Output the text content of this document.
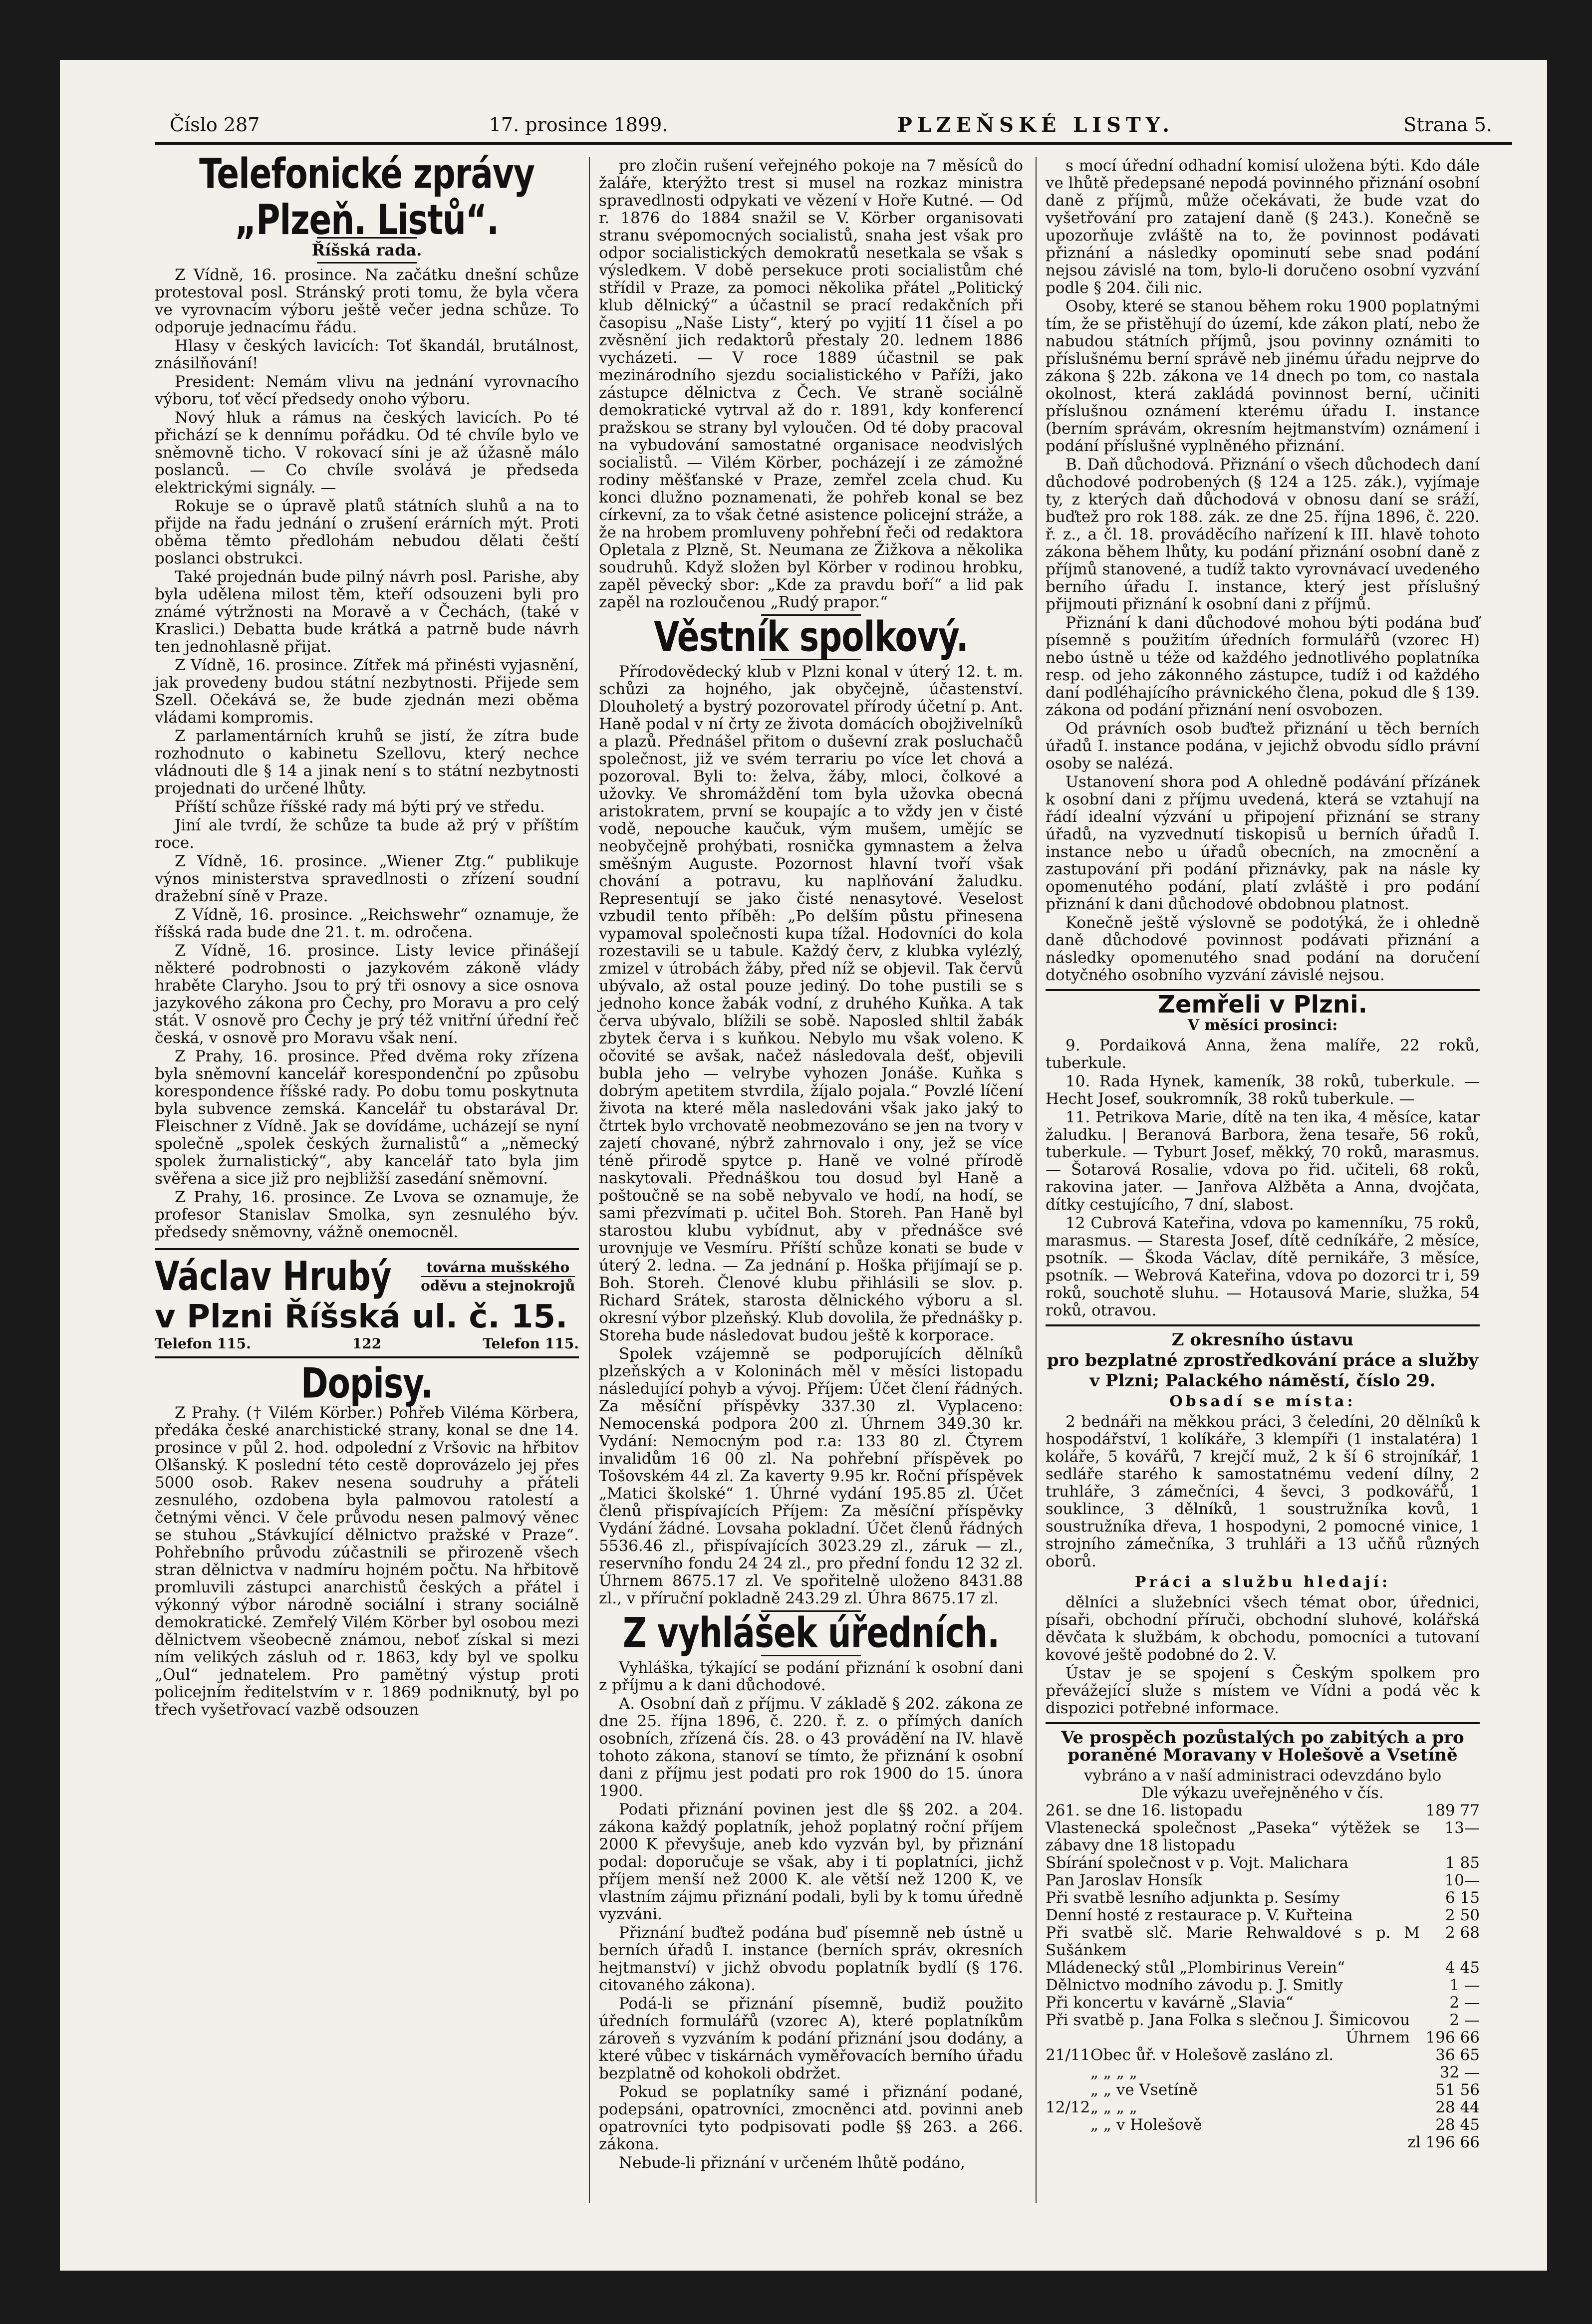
Číslo 287	17. prosince 1899.	PLZEŇSKÉ LISTY.	Strana 5.
Telefonické zprávy „Plzeň. Listů“.
Říšská rada.

Z Vídně, 16. prosince. Na začátku dnešní schůze protestoval posl. Stránský proti tomu, že byla včera ve vyrovnacím výboru ještě večer jedna schůze. To odporuje jednacímu řádu.

Hlasy v českých lavicích: Toť škandál, brutálnost, znásilňování!

President: Nemám vlivu na jednání vyrovnacího výboru, toť věcí předsedy onoho výboru.

Nový hluk a rámus na českých lavicích. Po té přichází se k dennímu pořádku. Od té chvíle bylo ve sněmovně ticho. V rokovací síni je až úžasně málo poslanců. — Co chvíle svolává je předseda elektrickými signály. —

Rokuje se o úpravě platů státních sluhů a na to přijde na řadu jednání o zrušení erárních mýt. Proti oběma těmto předlohám nebudou dělati čeští poslanci obstrukci.

Také projednán bude pilný návrh posl. Parishe, aby byla udělena milost těm, kteří odsouzeni byli pro známé výtržnosti na Moravě a v Čechách, (také v Kraslici.) Debatta bude krátká a patrně bude návrh ten jednohlasně přijat.

Z Vídně, 16. prosince. Zítřek má přinésti vyjasnění, jak provedeny budou státní nezbytnosti. Přijede sem Szell. Očekává se, že bude zjednán mezi oběma vládami kompromis.

Z parlamentárních kruhů se jistí, že zítra bude rozhodnuto o kabinetu Szellovu, který nechce vládnouti dle § 14 a jinak není s to státní nezbytnosti projednati do určené lhůty.

Příští schůze říšské rady má býti prý ve středu.

Jiní ale tvrdí, že schůze ta bude až prý v příštím roce.

Z Vídně, 16. prosince. „Wiener Ztg.“ publikuje výnos ministerstva spravedlnosti o zřízení soudní dražební síně v Praze.

Z Vídně, 16. prosince. „Reichswehr“ oznamuje, že říšská rada bude dne 21. t. m. odročena.

Z Vídně, 16. prosince. Listy levice přinášejí některé podrobnosti o jazykovém zákoně vlády hraběte Claryho. Jsou to prý tři osnovy a sice osnova jazykového zákona pro Čechy, pro Moravu a pro celý stát. V osnově pro Čechy je prý též vnitřní úřední řeč česká, v osnově pro Moravu však není.

Z Prahy, 16. prosince. Před dvěma roky zřízena byla sněmovní kancelář korespondenční po způsobu korespondence říšské rady. Po dobu tomu poskytnuta byla subvence zemská. Kancelář tu obstarával Dr. Fleischner z Vídně. Jak se dovídáme, ucházejí se nyní společně „spolek českých žurnalistů“ a „německý spolek žurnalistický“, aby kancelář tato byla jim svěřena a sice již pro nejbližší zasedání sněmovní.

Z Prahy, 16. prosince. Ze Lvova se oznamuje, že profesor Stanislav Smolka, syn zesnulého býv. předsedy sněmovny, vážně onemocněl.

Václav Hrubý	továrna mušského
oděvu a stejnokrojů
v Plzni Říšská ul. č. 15.
Telefon 115.	122	Telefon 115.
Dopisy.

Z Prahy. († Vilém Körber.) Pohřeb Viléma Körbera, předáka české anarchistické strany, konal se dne 14. prosince v půl 2. hod. odpolední z Vršovic na hřbitov Olšanský. K poslední této cestě doprovázelo jej přes 5000 osob. Rakev nesena soudruhy a přáteli zesnulého, ozdobena byla palmovou ratolestí a četnými věnci. V čele průvodu nesen palmový věnec se stuhou „Stávkující dělnictvo pražské v Praze“. Pohřebního průvodu zúčastnili se přirozeně všech stran dělnictva v nadmíru hojném počtu. Na hřbitově promluvili zástupci anarchistů českých a přátel i výkonný výbor národně sociální i strany sociálně demokratické. Zemřelý Vilém Körber byl osobou mezi dělnictvem všeobecně známou, neboť získal si mezi ním velikých zásluh od r. 1863, kdy byl ve spolku „Oul“ jednatelem. Pro pamětný výstup proti policejním ředitelstvím v r. 1869 podniknutý, byl po třech vyšetřovací vazbě odsouzen

pro zločin rušení veřejného pokoje na 7 měsíců do žaláře, kterýžto trest si musel na rozkaz ministra spravedlnosti odpykati ve vězení v Hoře Kutné. — Od r. 1876 do 1884 snažil se V. Körber organisovati stranu svépomocných socialistů, snaha jest však pro odpor socialistických demokratů nesetkala se však s výsledkem. V době persekuce proti socialistům ché střídil v Praze, za pomoci několika přátel „Politický klub dělnický“ a účastnil se prací redakčních při časopisu „Naše Listy“, který po vyjití 11 čísel a po zvěsnění jich redaktorů přestaly 20. lednem 1886 vycházeti. — V roce 1889 účastnil se pak mezinárodního sjezdu socialistického v Paříži, jako zástupce dělnictva z Čech. Ve straně sociálně demokratické vytrval až do r. 1891, kdy konferencí pražskou se strany byl vyloučen. Od té doby pracoval na vybudování samostatné organisace neodvislých socialistů. — Vilém Körber, pocházejí i ze zámožné rodiny měšťanské v Praze, zemřel zcela chud. Ku konci dlužno poznamenati, že pohřeb konal se bez církevní, za to však četné asistence policejní stráže, a že na hrobem promluveny pohřební řeči od redaktora Opletala z Plzně, St. Neumana ze Žižkova a několika soudruhů. Když složen byl Körber v rodinou hrobku, zapěl pěvecký sbor: „Kde za pravdu boří“ a lid pak zapěl na rozloučenou „Rudý prapor.“

Věstník spolkový.

Přírodovědecký klub v Plzni konal v úterý 12. t. m. schůzi za hojného, jak obyčejně, účastenství. Dlouholetý a bystrý pozorovatel přírody účetní p. Ant. Haně podal v ní črty ze života domácích obojživelníků a plazů. Přednášel přitom o duševní zrak posluchačů společnost, již ve svém terrariu po více let chová a pozoroval. Byli to: želva, žáby, mloci, čolkové a užovky. Ve shromáždění tom byla užovka obecná aristokratem, první se koupajíc a to vždy jen v čisté vodě, nepouche kaučuk, vým mušem, umějíc se neobyčejně prohýbati, rosnička gymnastem a želva směšným Auguste. Pozornost hlavní tvoří však chování a potravu, ku naplňování žaludku. Representují se jako čisté nenasytové. Veselost vzbudil tento příběh: „Po delším půstu přinesena vypamoval společnosti kupa tížal. Hodovníci do kola rozestavili se u tabule. Každý červ, z klubka vylézlý, zmizel v útrobách žáby, před níž se objevil. Tak červů ubývalo, až ostal pouze jediný. Do tohe pustili se s jednoho konce žabák vodní, z druhého Kuňka. A tak červa ubývalo, blížili se sobě. Naposled shltil žabák zbytek červa i s kuňkou. Nebylo mu však voleno. K očovité se avšak, načež následovala dešť, objevili bubla jeho — velrybe vyhozen Jonáše. Kuňka s dobrým apetitem stvrdila, žíjalo pojala.“ Povzlé líčení života na které měla nasledováni však jako jaký to čtrtek bylo vrchovatě neobmezováno se jen na tvory v zajetí chované, nýbrž zahrnovalo i ony, jež se více téně přirodě spytce p. Haně ve volné přírodě naskytovali. Přednáškou tou dosud byl Haně a poštoučně se na sobě nebyvalo ve hodí, na hodí, se sami přezvímati p. učitel Boh. Storeh. Pan Haně byl starostou klubu vybídnut, aby v přednášce své urovnjuje ve Vesmíru. Příští schůze konati se bude v úterý 2. ledna. — Za jednání p. Hoška přijímají se p. Boh. Storeh. Členové klubu přihlásili se slov. p. Richard Srátek, starosta dělnického výboru a sl. okresní výbor plzeňský. Klub dovolila, že přednášky p. Storeha bude následovat budou ještě k korporace.

Spolek vzájemně se podporujících dělníků plzeňských a v Koloninách měl v měsíci listopadu následující pohyb a vývoj. Příjem: Účet člení řádných. Za měsíční příspěvky 337.30 zl. Vyplaceno: Nemocenská podpora 200 zl. Úhrnem 349.30 kr. Vydání: Nemocným pod r.a: 133 80 zl. Čtyrem invalidům 16 00 zl. Na pohřební příspěvek po Tošovském 44 zl. Za kaverty 9.95 kr. Roční příspěvek „Matici školské“ 1. Úhrné vydání 195.85 zl. Účet členů přispívajících Příjem: Za měsíční příspěvky Vydání žádné. Lovsaha pokladní. Účet členů řádných 5536.46 zl., přispívajících 3023.29 zl., záruk — zl., reservního fondu 24 24 zl., pro přední fondu 12 32 zl. Úhrnem 8675.17 zl. Ve spořitelně uloženo 8431.88 zl., v příruční pokladně 243.29 zl. Úhra 8675.17 zl.

Z vyhlášek úředních.

Vyhláška, týkající se podání přiznání k osobní dani z příjmu a k dani důchodové.

A. Osobní daň z příjmu. V základě § 202. zákona ze dne 25. října 1896, č. 220. ř. z. o přímých daních osobních, zřízená čís. 28. o 43 provádění na IV. hlavě tohoto zákona, stanoví se tímto, že přiznání k osobní dani z příjmu jest podati pro rok 1900 do 15. února 1900.

Podati přiznání povinen jest dle §§ 202. a 204. zákona každý poplatník, jehož poplatný roční příjem 2000 K převyšuje, aneb kdo vyzván byl, by přiznání podal: doporučuje se však, aby i ti poplatníci, jichž příjem menší než 2000 K. ale větší než 1200 K, ve vlastním zájmu přiznání podali, byli by k tomu úředně vyzváni.

Přiznání buďtež podána buď písemně neb ústně u berních úřadů I. instance (berních správ, okresních hejtmanství) v jichž obvodu poplatník bydlí (§ 176. citovaného zákona).

Podá-li se přiznání písemně, budiž použito úředních formulářů (vzorec A), které poplatníkům zároveň s vyzváním k podání přiznání jsou dodány, a které vůbec v tiskárnách vyměřovacích berního úřadu bezplatně od kohokoli obdržet.

Pokud se poplatníky samé i přiznání podané, podepsáni, opatrovníci, zmocněnci atd. povinni aneb opatrovníci tyto podpisovati podle §§ 263. a 266. zákona.

Nebude-li přiznání v určeném lhůtě podáno,

s mocí úřední odhadní komisí uložena býti. Kdo dále ve lhůtě předepsané nepodá povinného přiznání osobní daně z příjmů, může očekávati, že bude vzat do vyšetřování pro zatajení daně (§ 243.). Konečně se upozorňuje zvláště na to, že povinnost podávati přiznání a následky opominutí sebe snad podání nejsou závislé na tom, bylo-li doručeno osobní vyzvání podle § 204. čili nic.

Osoby, které se stanou během roku 1900 poplatnými tím, že se přistěhují do území, kde zákon platí, nebo že nabudou státních příjmů, jsou povinny oznámiti to příslušnému berní správě neb jinému úřadu nejprve do zákona § 22b. zákona ve 14 dnech po tom, co nastala okolnost, která zakládá povinnost berní, učiniti příslušnou oznámení kterému úřadu I. instance (berním správám, okresním hejtmanstvím) oznámení i podání příslušné vyplněného přiznání.

B. Daň důchodová. Přiznání o všech důchodech daní důchodové podrobených (§ 124 a 125. zák.), vyjímaje ty, z kterých daň důchodová v obnosu daní se sráží, buďtež pro rok 188. zák. ze dne 25. října 1896, č. 220. ř. z., a čl. 18. prováděcího nařízení k III. hlavě tohoto zákona během lhůty, ku podání přiznání osobní daně z příjmů stanovené, a tudíž takto vyrovnávací uvedeného berního úřadu I. instance, který jest příslušný přijmouti přiznání k osobní dani z příjmů.

Přiznání k dani důchodové mohou býti podána buď písemně s použitím úředních formulářů (vzorec H) nebo ústně u téže od každého jednotlivého poplatníka resp. od jeho zákonného zástupce, tudíž i od každého daní podléhajícího právnického člena, pokud dle § 139. zákona od podání přiznání není osvobozen.

Od právních osob buďtež přiznání u těch berních úřadů I. instance podána, v jejichž obvodu sídlo právní osoby se nalézá.

Ustanovení shora pod A ohledně podávání přízánek k osobní dani z příjmu uvedená, která se vztahují na řádí idealní výzvání u připojení přiznání se strany úřadů, na vyzvednutí tiskopisů u berních úřadů I. instance nebo u úřadů obecních, na zmocnění a zastupování při podání přiznávky, pak na násle ky opomenutého podání, platí zvláště i pro podání přiznání k dani důchodové obdobnou platnost.

Konečně ještě výslovně se podotýká, že i ohledně daně důchodové povinnost podávati přiznání a následky opomenutého snad podání na doručení dotyčného osobního vyzvání závislé nejsou.

Zemřeli v Plzni.
V měsíci prosinci:

9. Pordaiková Anna, žena malíře, 22 roků, tuberkule.

10. Rada Hynek, kameník, 38 roků, tuberkule. — Hecht Josef, soukromník, 38 roků tuberkule. —

11. Petrikova Marie, dítě na ten ika, 4 měsíce, katar žaludku. | Beranová Barbora, žena tesaře, 56 roků, tuberkule. — Tyburt Josef, měkký, 70 roků, marasmus. — Šotarová Rosalie, vdova po řid. učiteli, 68 roků, rakovina jater. — Janřova Alžběta a Anna, dvojčata, dítky cestujícího, 7 dní, slabost.

12 Cubrová Kateřina, vdova po kamenníku, 75 roků, marasmus. — Staresta Josef, dítě cedníkáře, 2 měsíce, psotník. — Škoda Václav, dítě pernikáře, 3 měsíce, psotník. — Webrová Kateřina, vdova po dozorci tr i, 59 roků, souchotě sluhu. — Hotausová Marie, služka, 54 roků, otravou.

Z okresního ústavu
pro bezplatné zprostředkování práce a služby
v Plzni; Palackého náměstí, číslo 29.
Obsadí se místa:

2 bednáři na měkkou práci, 3 čeledíni, 20 dělníků k hospodářství, 1 kolíkáře, 3 klempíři (1 instalatéra) 1 koláře, 5 kovářů, 7 krejčí muž, 2 k ší 6 strojníkář, 1 sedláře starého k samostatnému vedení dílny, 2 truhláře, 3 zámečníci, 4 ševci, 3 podkovářů, 1 souklince, 3 dělníků, 1 soustružníka kovů, 1 soustružníka dřeva, 1 hospodyni, 2 pomocné vinice, 1 strojního zámečníka, 3 truhláři a 13 učňů různých oborů.

Práci a službu hledají:

dělníci a služebníci všech témat obor, úřednici, písaři, obchodní příruči, obchodní sluhové, kolářská děvčata k službám, k obchodu, pomocníci a tutovaní kovové ještě podobné do 2. V.

Ústav je se spojení s Českým spolkem pro převážející služe s místem ve Vídni a podá věc k dispozici potřebné informace.

Ve prospěch pozůstalých po zabitých a pro poraněné Moravany v Holešově a Vsetíně
vybráno a v naší administraci odevzdáno bylo
Dle výkazu uveřejněného v čís.
261. se dne 16. listopadu	189 77
Vlastenecká společnost „Paseka“ výtěžek se zábavy dne 18 listopadu	13—
Sbírání společnost v p. Vojt. Malichara	1 85
Pan Jaroslav Honsík	10—
Při svatbě lesního adjunkta p. Sesímy	6 15
Denní hosté z restaurace p. V. Kuřteina	2 50
Při svatbě slč. Marie Rehwaldové s p. M Sušánkem	2 68
Mládenecký stůl „Plombirinus Verein“	4 45
Dělnictvo modního závodu p. J. Smitly	1 —
Při koncertu v kavárně „Slavia“	2 —
Při svatbě p. Jana Folka s slečnou J. Šimicovou	2 —
Úhrnem	196 66
21/11	Obec ůř. v Holešově zasláno zl.	36 65
	„ „ „ „	32 —
	„ „ ve Vsetíně	51 56
12/12	„ „ „ „	28 44
	„ „ v Holešově	28 45
zl 196 66
